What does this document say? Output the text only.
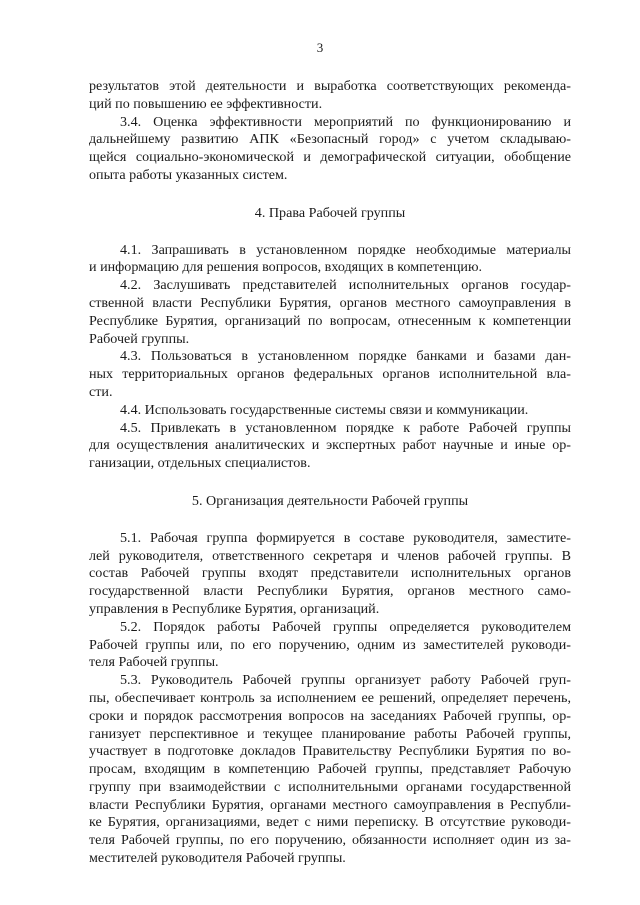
3
результатов этой деятельности и выработка соответствующих рекоменда-
ций по повышению ее эффективности.
3.4. Оценка эффективности мероприятий по функционированию и
дальнейшему развитию АПК «Безопасный город» с учетом складываю-
щейся социально-экономической и демографической ситуации, обобщение
опыта работы указанных систем.
4. Права Рабочей группы
4.1. Запрашивать в установленном порядке необходимые материалы
и информацию для решения вопросов, входящих в компетенцию.
4.2. Заслушивать представителей исполнительных органов государ-
ственной власти Республики Бурятия, органов местного самоуправления в
Республике Бурятия, организаций по вопросам, отнесенным к компетенции
Рабочей группы.
4.3. Пользоваться в установленном порядке банками и базами дан-
ных территориальных органов федеральных органов исполнительной вла-
сти.
4.4. Использовать государственные системы связи и коммуникации.
4.5. Привлекать в установленном порядке к работе Рабочей группы
для осуществления аналитических и экспертных работ научные и иные ор-
ганизации, отдельных специалистов.
5. Организация деятельности Рабочей группы
5.1. Рабочая группа формируется в составе руководителя, заместите-
лей руководителя, ответственного секретаря и членов рабочей группы. В
состав Рабочей группы входят представители исполнительных органов
государственной власти Республики Бурятия, органов местного само-
управления в Республике Бурятия, организаций.
5.2. Порядок работы Рабочей группы определяется руководителем
Рабочей группы или, по его поручению, одним из заместителей руководи-
теля Рабочей группы.
5.3. Руководитель Рабочей группы организует работу Рабочей груп-
пы, обеспечивает контроль за исполнением ее решений, определяет перечень,
сроки и порядок рассмотрения вопросов на заседаниях Рабочей группы, ор-
ганизует перспективное и текущее планирование работы Рабочей группы,
участвует в подготовке докладов Правительству Республики Бурятия по во-
просам, входящим в компетенцию Рабочей группы, представляет Рабочую
группу при взаимодействии с исполнительными органами государственной
власти Республики Бурятия, органами местного самоуправления в Республи-
ке Бурятия, организациями, ведет с ними переписку. В отсутствие руководи-
теля Рабочей группы, по его поручению, обязанности исполняет один из за-
местителей руководителя Рабочей группы.
